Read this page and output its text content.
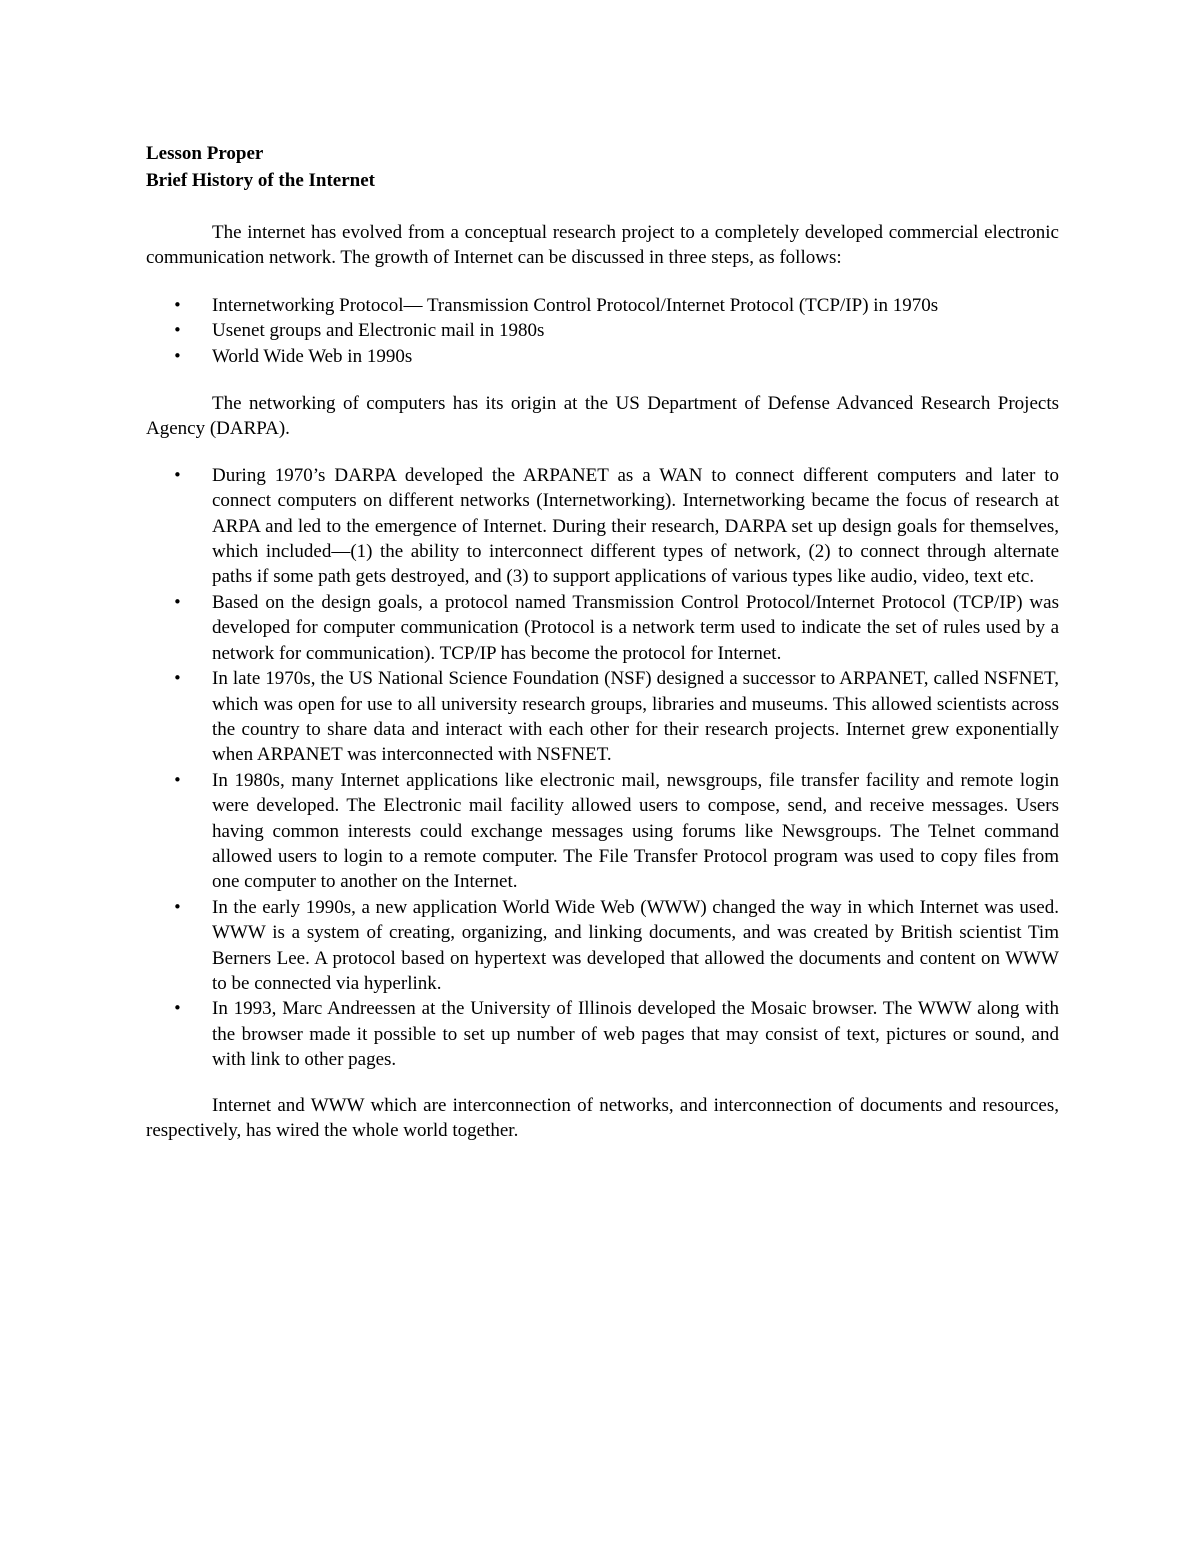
Lesson Proper
Brief History of the Internet

The internet has evolved from a conceptual research project to a completely developed commercial electronic communication network. The growth of Internet can be discussed in three steps, as follows:

• Internetworking Protocol— Transmission Control Protocol/Internet Protocol (TCP/IP) in 1970s
• Usenet groups and Electronic mail in 1980s
• World Wide Web in 1990s

The networking of computers has its origin at the US Department of Defense Advanced Research Projects Agency (DARPA).

• During 1970’s DARPA developed the ARPANET as a WAN to connect different computers and later to connect computers on different networks (Internetworking). Internetworking became the focus of research at ARPA and led to the emergence of Internet. During their research, DARPA set up design goals for themselves, which included—(1) the ability to interconnect different types of network, (2) to connect through alternate paths if some path gets destroyed, and (3) to support applications of various types like audio, video, text etc.
• Based on the design goals, a protocol named Transmission Control Protocol/Internet Protocol (TCP/IP) was developed for computer communication (Protocol is a network term used to indicate the set of rules used by a network for communication). TCP/IP has become the protocol for Internet.
• In late 1970s, the US National Science Foundation (NSF) designed a successor to ARPANET, called NSFNET, which was open for use to all university research groups, libraries and museums. This allowed scientists across the country to share data and interact with each other for their research projects. Internet grew exponentially when ARPANET was interconnected with NSFNET.
• In 1980s, many Internet applications like electronic mail, newsgroups, file transfer facility and remote login were developed. The Electronic mail facility allowed users to compose, send, and receive messages. Users having common interests could exchange messages using forums like Newsgroups. The Telnet command allowed users to login to a remote computer. The File Transfer Protocol program was used to copy files from one computer to another on the Internet.
• In the early 1990s, a new application World Wide Web (WWW) changed the way in which Internet was used. WWW is a system of creating, organizing, and linking documents, and was created by British scientist Tim Berners Lee. A protocol based on hypertext was developed that allowed the documents and content on WWW to be connected via hyperlink.
• In 1993, Marc Andreessen at the University of Illinois developed the Mosaic browser. The WWW along with the browser made it possible to set up number of web pages that may consist of text, pictures or sound, and with link to other pages.

Internet and WWW which are interconnection of networks, and interconnection of documents and resources, respectively, has wired the whole world together.
